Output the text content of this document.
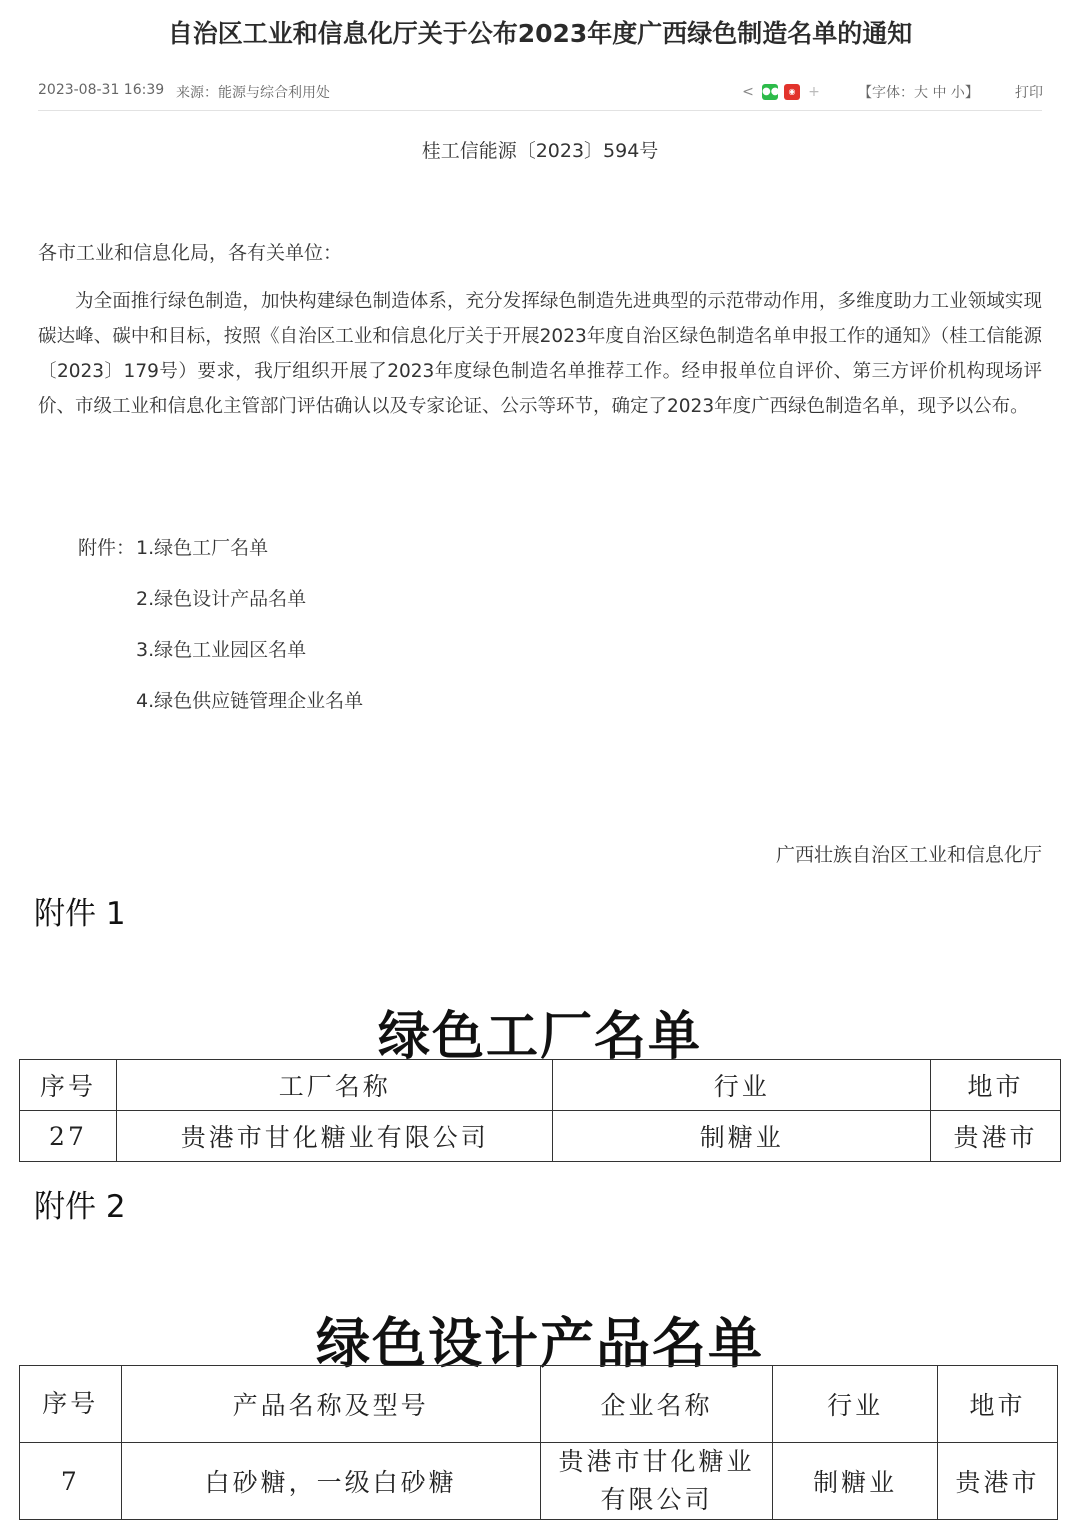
自治区工业和信息化厅关于公布2023年度广西绿色制造名单的通知
2023-08-31 16:39 来源：能源与综合利用处	< ●●	◉ +	【字体：大 中 小】	打印
桂工信能源〔2023〕594号
各市工业和信息化局，各有关单位：

为全面推行绿色制造，加快构建绿色制造体系，充分发挥绿色制造先进典型的示范带动作用，多维度助力工业领域实现碳达峰、碳中和目标，按照《自治区工业和信息化厅关于开展2023年度自治区绿色制造名单申报工作的通知》（桂工信能源〔2023〕179号）要求，我厅组织开展了2023年度绿色制造名单推荐工作。经申报单位自评价、第三方评价机构现场评价、市级工业和信息化主管部门评估确认以及专家论证、公示等环节，确定了2023年度广西绿色制造名单，现予以公布。

附件： 1.绿色工厂名单
2.绿色设计产品名单
3.绿色工业园区名单
4.绿色供应链管理企业名单
广西壮族自治区工业和信息化厅
附件 1
绿色工厂名单
序号	工厂名称	行业	地市
27	贵港市甘化糖业有限公司	制糖业	贵港市
附件 2
绿色设计产品名单
序号	产品名称及型号	企业名称	行业	地市
7	白砂糖，一级白砂糖	贵港市甘化糖业有限公司	制糖业	贵港市
